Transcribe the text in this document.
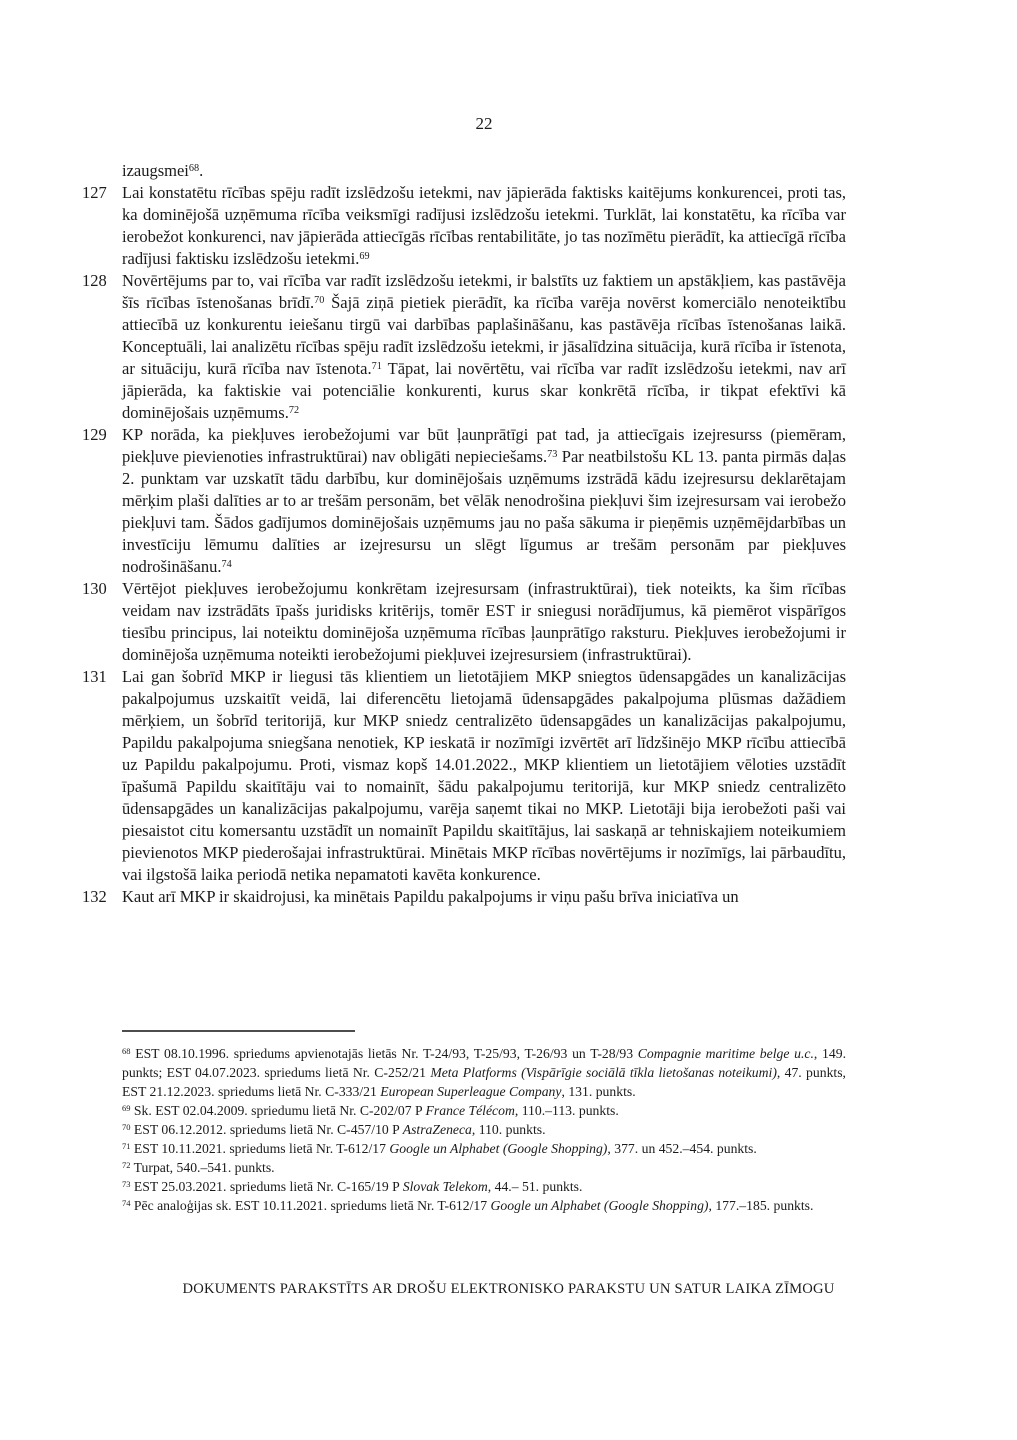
22
izaugsmei$^{68}$.
127 Lai konstatētu rīcības spēju radīt izslēdzošu ietekmi, nav jāpierāda faktisks kaitējums konkurencei, proti tas, ka dominējošā uzņēmuma rīcība veiksmīgi radījusi izslēdzošu ietekmi. Turklāt, lai konstatētu, ka rīcība var ierobežot konkurenci, nav jāpierāda attiecīgās rīcības rentabilitāte, jo tas nozīmētu pierādīt, ka attiecīgā rīcība radījusi faktisku izslēdzošu ietekmi.$^{69}$
128 Novērtējums par to, vai rīcība var radīt izslēdzošu ietekmi, ir balstīts uz faktiem un apstākļiem, kas pastāvēja šīs rīcības īstenošanas brīdī.$^{70}$ Šajā ziņā pietiek pierādīt, ka rīcība varēja novērst komerciālo nenoteiktību attiecībā uz konkurentu ieiešanu tirgū vai darbības paplašināšanu, kas pastāvēja rīcības īstenošanas laikā. Konceptuāli, lai analizētu rīcības spēju radīt izslēdzošu ietekmi, ir jāsalīdzina situācija, kurā rīcība ir īstenota, ar situāciju, kurā rīcība nav īstenota.$^{71}$ Tāpat, lai novērtētu, vai rīcība var radīt izslēdzošu ietekmi, nav arī jāpierāda, ka faktiskie vai potenciālie konkurenti, kurus skar konkrētā rīcība, ir tikpat efektīvi kā dominējošais uzņēmums.$^{72}$
129 KP norāda, ka piekļuves ierobežojumi var būt ļaunprātīgi pat tad, ja attiecīgais izejresurss (piemēram, piekļuve pievienoties infrastruktūrai) nav obligāti nepieciešams.$^{73}$ Par neatbilstošu KL 13. panta pirmās daļas 2. punktam var uzskatīt tādu darbību, kur dominējošais uzņēmums izstrādā kādu izejresursu deklarētajam mērķim plaši dalīties ar to ar trešām personām, bet vēlāk nenodrošina piekļuvi šim izejresursam vai ierobežo piekļuvi tam. Šādos gadījumos dominējošais uzņēmums jau no paša sākuma ir pieņēmis uzņēmējdarbības un investīciju lēmumu dalīties ar izejresursu un slēgt līgumus ar trešām personām par piekļuves nodrošināšanu.$^{74}$
130 Vērtējot piekļuves ierobežojumu konkrētam izejresursam (infrastruktūrai), tiek noteikts, ka šim rīcības veidam nav izstrādāts īpašs juridisks kritērijs, tomēr EST ir sniegusi norādījumus, kā piemērot vispārīgos tiesību principus, lai noteiktu dominējoša uzņēmuma rīcības ļaunprātīgo raksturu. Piekļuves ierobežojumi ir dominējoša uzņēmuma noteikti ierobežojumi piekļuvei izejresursiem (infrastruktūrai).
131 Lai gan šobrīd MKP ir liegusi tās klientiem un lietotājiem MKP sniegtos ūdensapgādes un kanalizācijas pakalpojumus uzskaitīt veidā, lai diferencētu lietojamā ūdensapgādes pakalpojuma plūsmas dažādiem mērķiem, un šobrīd teritorijā, kur MKP sniedz centralizēto ūdensapgādes un kanalizācijas pakalpojumu, Papildu pakalpojuma sniegšana nenotiek, KP ieskatā ir nozīmīgi izvērtēt arī līdzšinējo MKP rīcību attiecībā uz Papildu pakalpojumu. Proti, vismaz kopš 14.01.2022., MKP klientiem un lietotājiem vēloties uzstādīt īpašumā Papildu skaitītāju vai to nomainīt, šādu pakalpojumu teritorijā, kur MKP sniedz centralizēto ūdensapgādes un kanalizācijas pakalpojumu, varēja saņemt tikai no MKP. Lietotāji bija ierobežoti paši vai piesaistot citu komersantu uzstādīt un nomainīt Papildu skaitītājus, lai saskaņā ar tehniskajiem noteikumiem pievienotos MKP piederošajai infrastruktūrai. Minētais MKP rīcības novērtējums ir nozīmīgs, lai pārbaudītu, vai ilgstošā laika periodā netika nepamatoti kavēta konkurence.
132 Kaut arī MKP ir skaidrojusi, ka minētais Papildu pakalpojums ir viņu pašu brīva iniciatīva un
$^{68}$ EST 08.10.1996. spriedums apvienotajās lietās Nr. T-24/93, T-25/93, T-26/93 un T-28/93 Compagnie maritime belge u.c., 149. punkts; EST 04.07.2023. spriedums lietā Nr. C-252/21 Meta Platforms (Vispārīgie sociālā tīkla lietošanas noteikumi), 47. punkts, EST 21.12.2023. spriedums lietā Nr. C-333/21 European Superleague Company, 131. punkts.
$^{69}$ Sk. EST 02.04.2009. spriedumu lietā Nr. C-202/07 P France Télécom, 110.–113. punkts.
$^{70}$ EST 06.12.2012. spriedums lietā Nr. C-457/10 P AstraZeneca, 110. punkts.
$^{71}$ EST 10.11.2021. spriedums lietā Nr. T-612/17 Google un Alphabet (Google Shopping), 377. un 452.–454. punkts.
$^{72}$ Turpat, 540.–541. punkts.
$^{73}$ EST 25.03.2021. spriedums lietā Nr. C-165/19 P Slovak Telekom, 44.– 51. punkts.
$^{74}$ Pēc analoģijas sk. EST 10.11.2021. spriedums lietā Nr. T-612/17 Google un Alphabet (Google Shopping), 177.–185. punkts.
DOKUMENTS PARAKSTĪTS AR DROŠU ELEKTRONISKO PARAKSTU UN SATUR LAIKA ZĪMOGU
